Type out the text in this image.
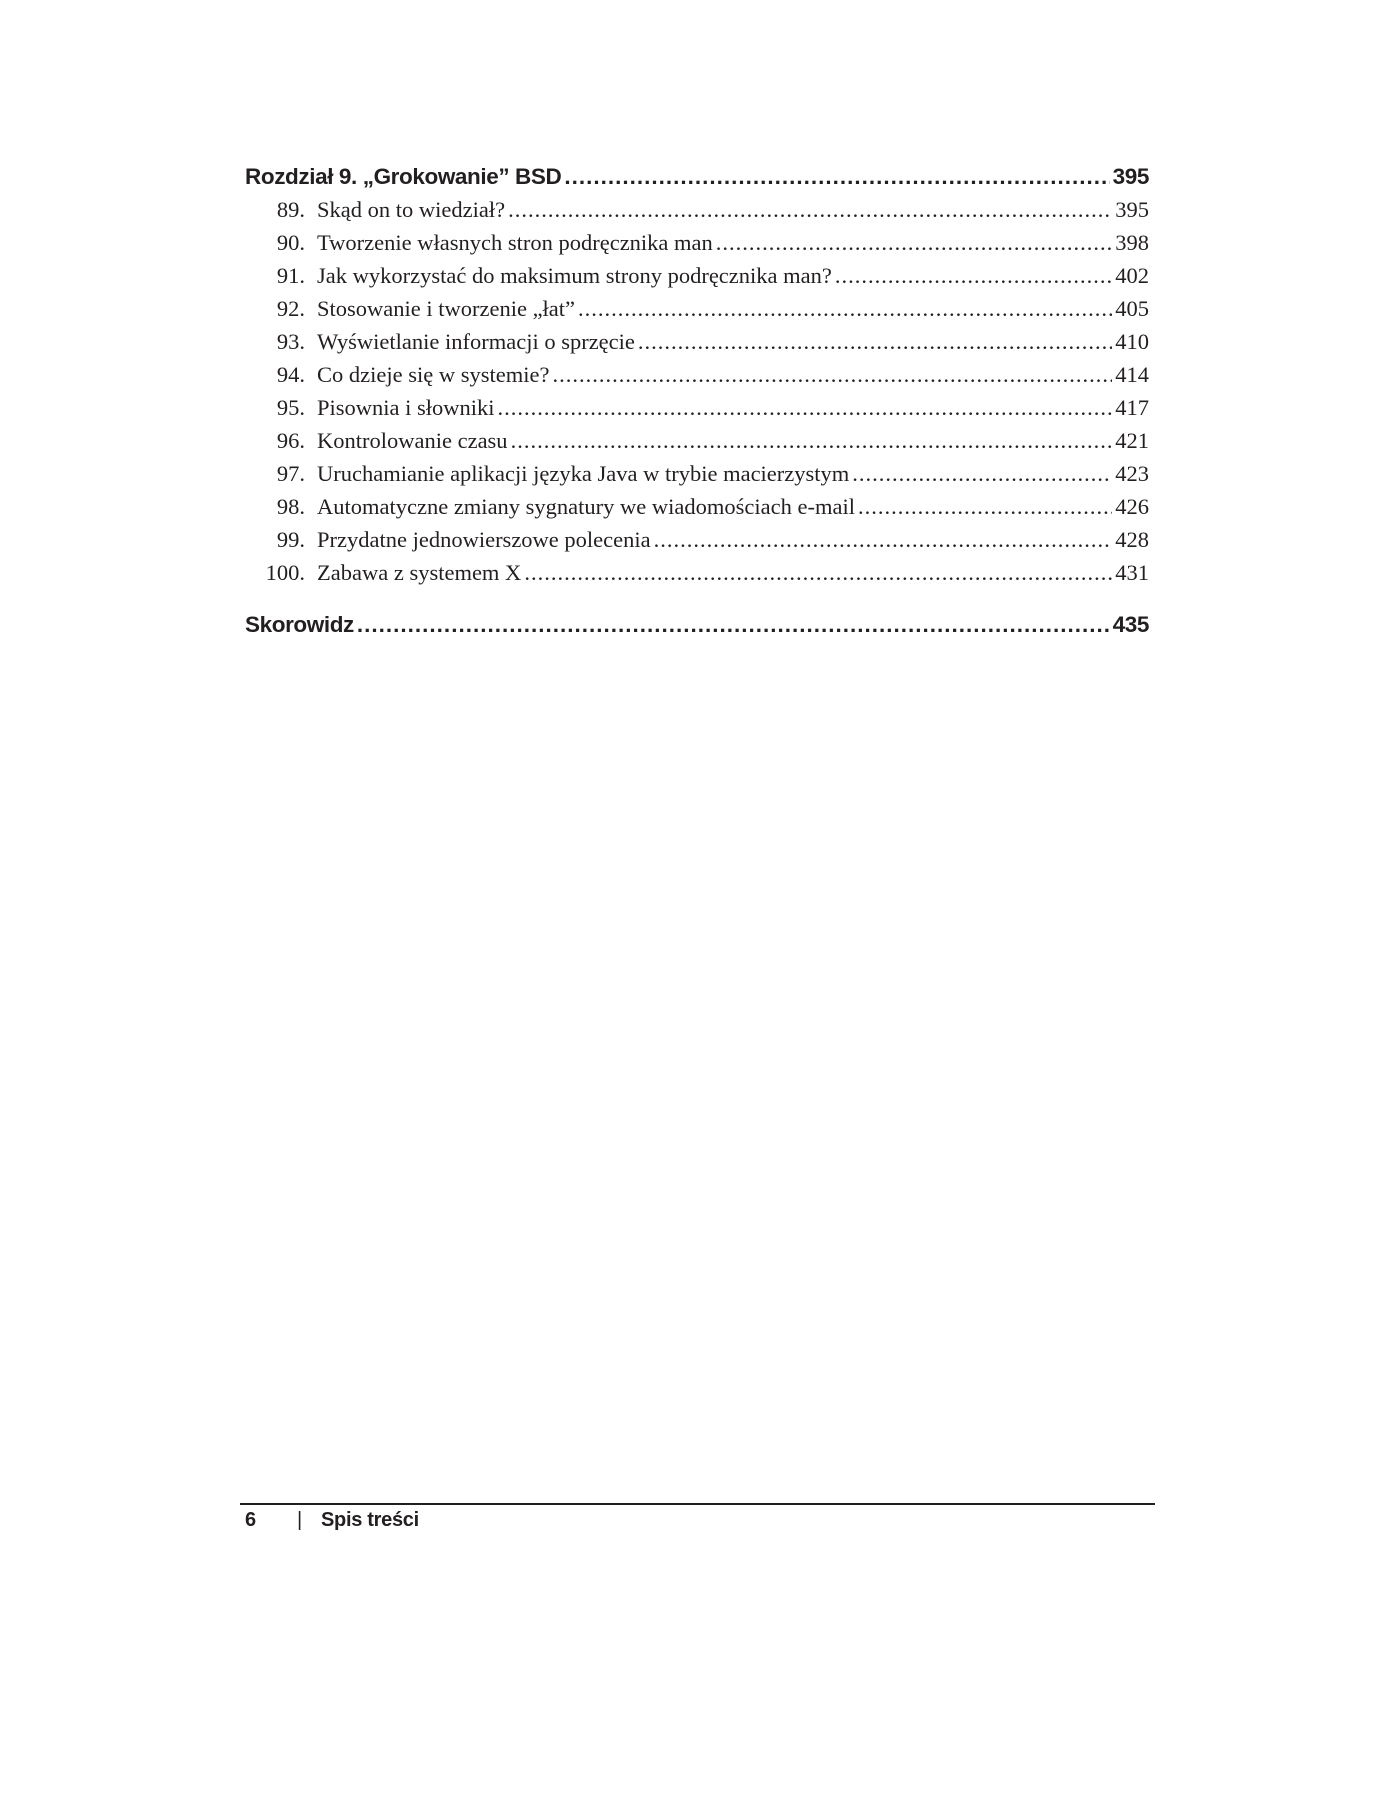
Rozdział 9. „Grokowanie” BSD .....	395
89. Skąd on to wiedział? .....	395
90. Tworzenie własnych stron podręcznika man .....	398
91. Jak wykorzystać do maksimum strony podręcznika man? .....	402
92. Stosowanie i tworzenie „łat” .....	405
93. Wyświetlanie informacji o sprzęcie .....	410
94. Co dzieje się w systemie? .....	414
95. Pisownia i słowniki .....	417
96. Kontrolowanie czasu .....	421
97. Uruchamianie aplikacji języka Java w trybie macierzystym .....	423
98. Automatyczne zmiany sygnatury we wiadomościach e-mail .....	426
99. Przydatne jednowierszowe polecenia .....	428
100. Zabawa z systemem X .....	431
Skorowidz .....	435
6	| Spis treści
